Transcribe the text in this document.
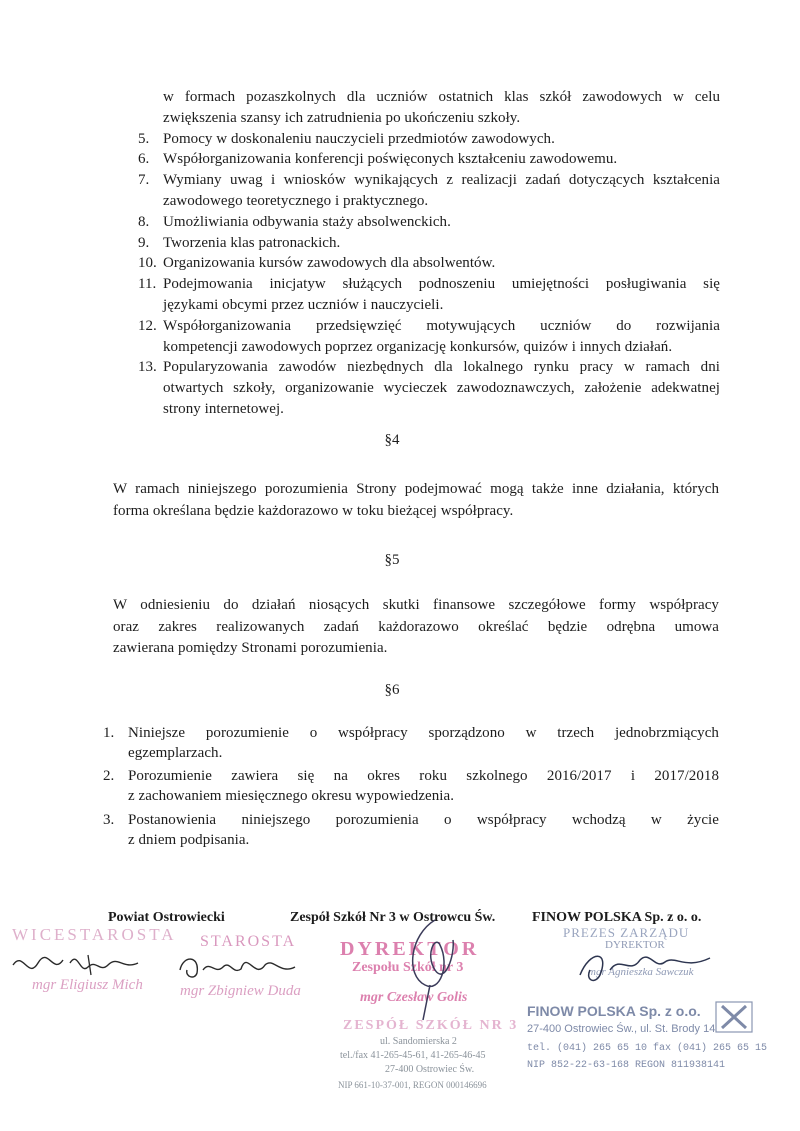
w formach pozaszkolnych dla uczniów ostatnich klas szkół zawodowych w celu
zwiększenia szansy ich zatrudnienia po ukończeniu szkoły.
5. Pomocy w doskonaleniu nauczycieli przedmiotów zawodowych.
6. Współorganizowania konferencji poświęconych kształceniu zawodowemu.
7. Wymiany uwag i wniosków wynikających z realizacji zadań dotyczących kształcenia
zawodowego teoretycznego i praktycznego.
8. Umożliwiania odbywania staży absolwenckich.
9. Tworzenia klas patronackich.
10. Organizowania kursów zawodowych dla absolwentów.
11. Podejmowania inicjatyw służących podnoszeniu umiejętności posługiwania się
językami obcymi przez uczniów i nauczycieli.
12. Współorganizowania przedsięwzięć motywujących uczniów do rozwijania
kompetencji zawodowych poprzez organizację konkursów, quizów i innych działań.
13. Popularyzowania zawodów niezbędnych dla lokalnego rynku pracy w ramach dni
otwartych szkoły, organizowanie wycieczek zawodoznawczych, założenie adekwatnej
strony internetowej.
§4
W ramach niniejszego porozumienia Strony podejmować mogą także inne działania, których
forma określana będzie każdorazowo w toku bieżącej współpracy.
§5
W odniesieniu do działań niosących skutki finansowe szczegółowe formy współpracy
oraz zakres realizowanych zadań każdorazowo określać będzie odrębna umowa
zawierana pomiędzy Stronami porozumienia.
§6
1. Niniejsze porozumienie o współpracy sporządzono w trzech jednobrzmiących
egzemplarzach.
2. Porozumienie zawiera się na okres roku szkolnego 2016/2017 i 2017/2018
z zachowaniem miesięcznego okresu wypowiedzenia.
3. Postanowienia niniejszego porozumienia o współpracy wchodzą w życie
z dniem podpisania.
Powiat Ostrowiecki	Zespół Szkół Nr 3 w Ostrowcu Św.	FINOW POLSKA Sp. z o. o.
WICESTAROSTA STAROSTA
mgr Eligiusz Mich mgr Zbigniew Duda
DYREKTOR
Zespołu Szkół nr 3
mgr Czesław Golis
ZESPÓŁ SZKÓŁ NR 3
ul. Sandomierska 2
tel./fax 41-265-45-61, 41-265-46-45
27-400 Ostrowiec Św.
NIP 661-10-37-001, REGON 000146696
PREZES ZARZĄDU
DYREKTOR
mgr Agnieszka Sawczuk
FINOW POLSKA Sp. z o.o.
27-400 Ostrowiec Św., ul. St. Brody 14
tel. (041) 265 65 10 fax (041) 265 65 15
NIP 852-22-63-168 REGON 811938141
